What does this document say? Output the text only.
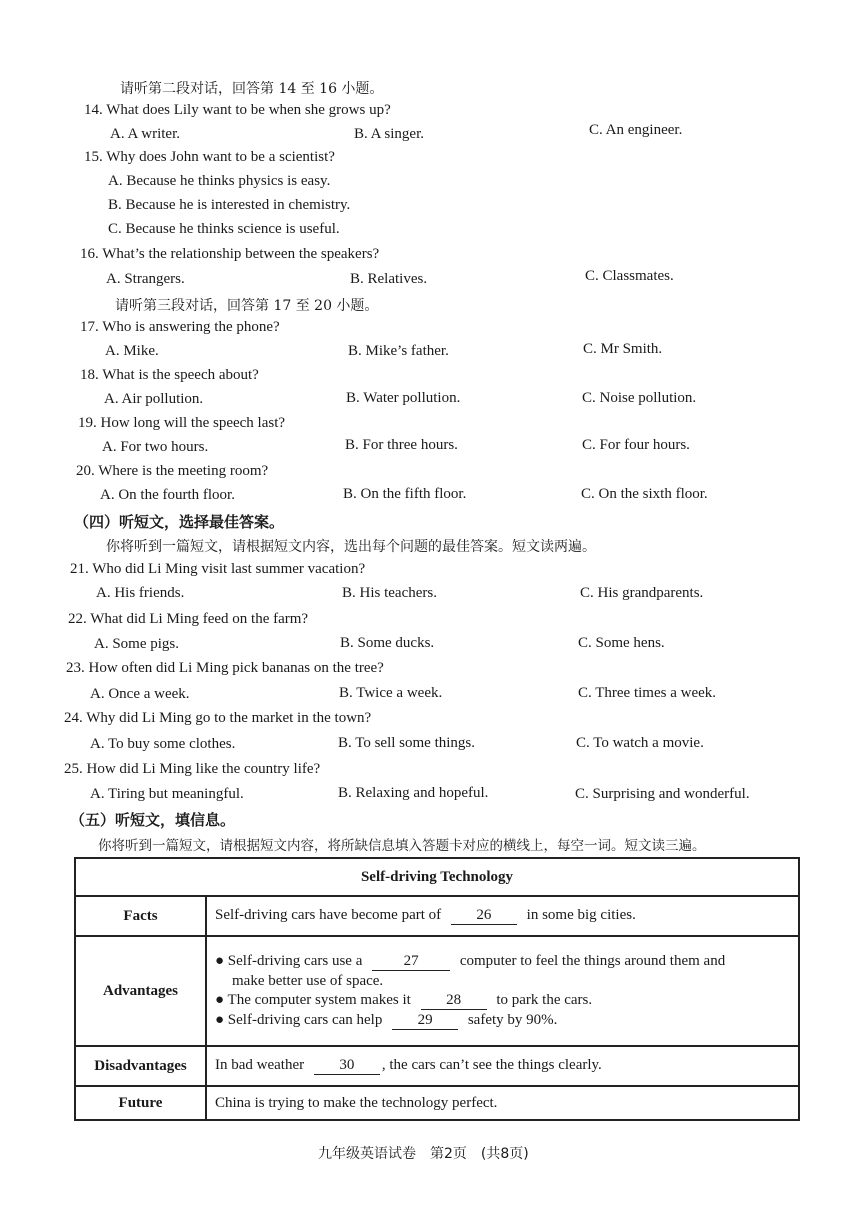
请听第二段对话，回答第 14 至 16 小题。
14. What does Lily want to be when she grows up?
A. A writer.	B. A singer.	C. An engineer.
15. Why does John want to be a scientist?
A. Because he thinks physics is easy.
B. Because he is interested in chemistry.
C. Because he thinks science is useful.
16. What’s the relationship between the speakers?
A. Strangers.	B. Relatives.	C. Classmates.
请听第三段对话，回答第 17 至 20 小题。
17. Who is answering the phone?
A. Mike.	B. Mike’s father.	C. Mr Smith.
18. What is the speech about?
A. Air pollution.	B. Water pollution.	C. Noise pollution.
19. How long will the speech last?
A. For two hours.	B. For three hours.	C. For four hours.
20. Where is the meeting room?
A. On the fourth floor.	B. On the fifth floor.	C. On the sixth floor.
（四）听短文，选择最佳答案。
你将听到一篇短文，请根据短文内容，选出每个问题的最佳答案。短文读两遍。
21. Who did Li Ming visit last summer vacation?
A. His friends.	B. His teachers.	C. His grandparents.
22. What did Li Ming feed on the farm?
A. Some pigs.	B. Some ducks.	C. Some hens.
23. How often did Li Ming pick bananas on the tree?
A. Once a week.	B. Twice a week.	C. Three times a week.
24. Why did Li Ming go to the market in the town?
A. To buy some clothes.	B. To sell some things.	C. To watch a movie.
25. How did Li Ming like the country life?
A. Tiring but meaningful.	B. Relaxing and hopeful.	C. Surprising and wonderful.
（五）听短文，填信息。
你将听到一篇短文，请根据短文内容，将所缺信息填入答题卡对应的横线上，每空一词。短文读三遍。
Self-driving Technology	
Facts	Self-driving cars have become part of 26 in some big cities.
Advantages	● Self-driving cars use a 27 computer to feel the things around them and
make better use of space.
● The computer system makes it 28 to park the cars.
● Self-driving cars can help 29 safety by 90%.

Disadvantages	In bad weather 30 , the cars can’t see the things clearly.
Future	China is trying to make the technology perfect.
九年级英语试卷　第2页　(共8页)
